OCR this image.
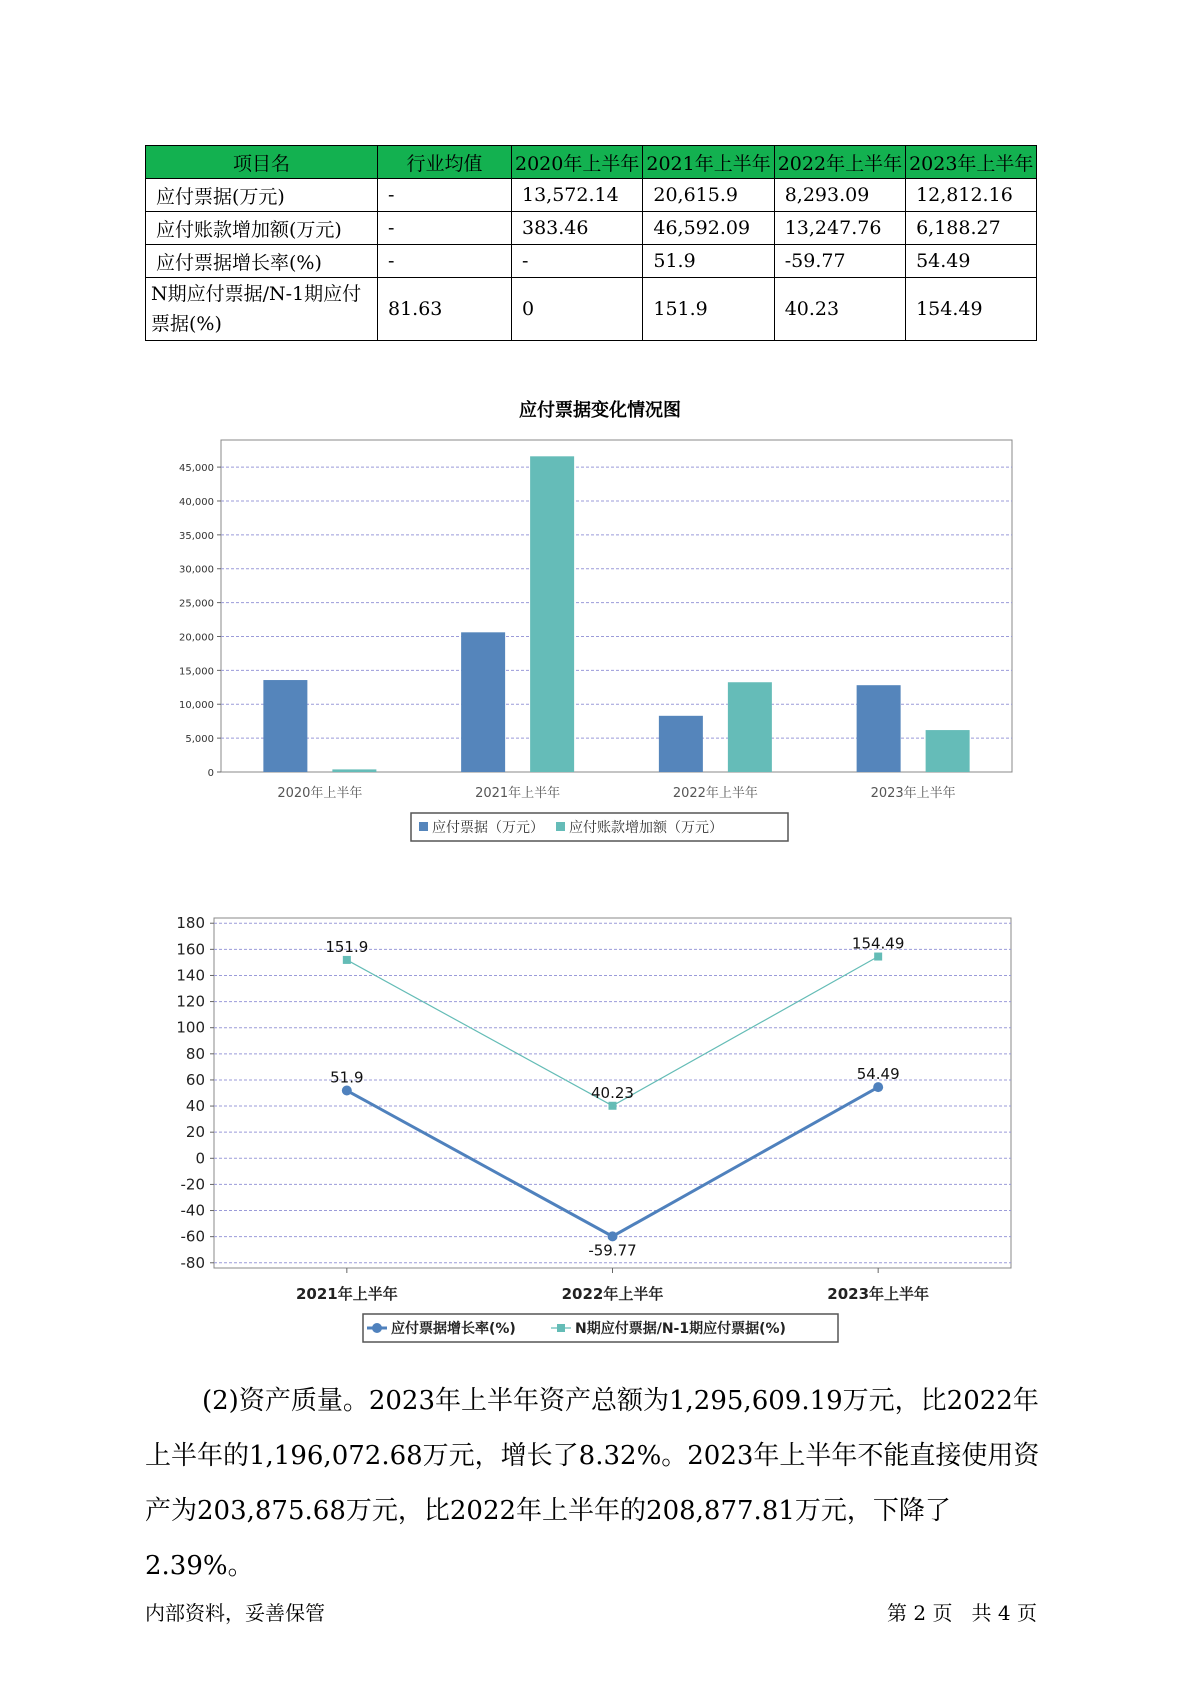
项目名	行业均值	2020年上半年	2021年上半年	2022年上半年	2023年上半年
应付票据(万元)	-	13,572.14	20,615.9	8,293.09	12,812.16
应付账款增加额(万元)	-	383.46	46,592.09	13,247.76	6,188.27
应付票据增长率(%)	-	-	51.9	-59.77	54.49
N期应付票据/N-1期应付票据(%)	81.63	0	151.9	40.23	154.49
应付票据变化情况图
0
5,000
10,000
15,000
20,000
25,000
30,000
35,000
40,000
45,000
2020年上半年	2021年上半年	2022年上半年	2023年上半年
应付票据（万元） 应付账款增加额（万元）
-80
-60
-40
-20
0
20
40
60
80
100
120
140
160
180
2021年上半年	2022年上半年	2023年上半年
51.9
-59.77
54.49
151.9
40.23
154.49
应付票据增长率(%)	N期应付票据/N-1期应付票据(%)
(2)资产质量。2023年上半年资产总额为1,295,609.19万元，比2022年上半年的1,196,072.68万元，增长了8.32%。2023年上半年不能直接使用资产为203,875.68万元，比2022年上半年的208,877.81万元，下降了2.39%。
内部资料，妥善保管	第 2 页   共 4 页
